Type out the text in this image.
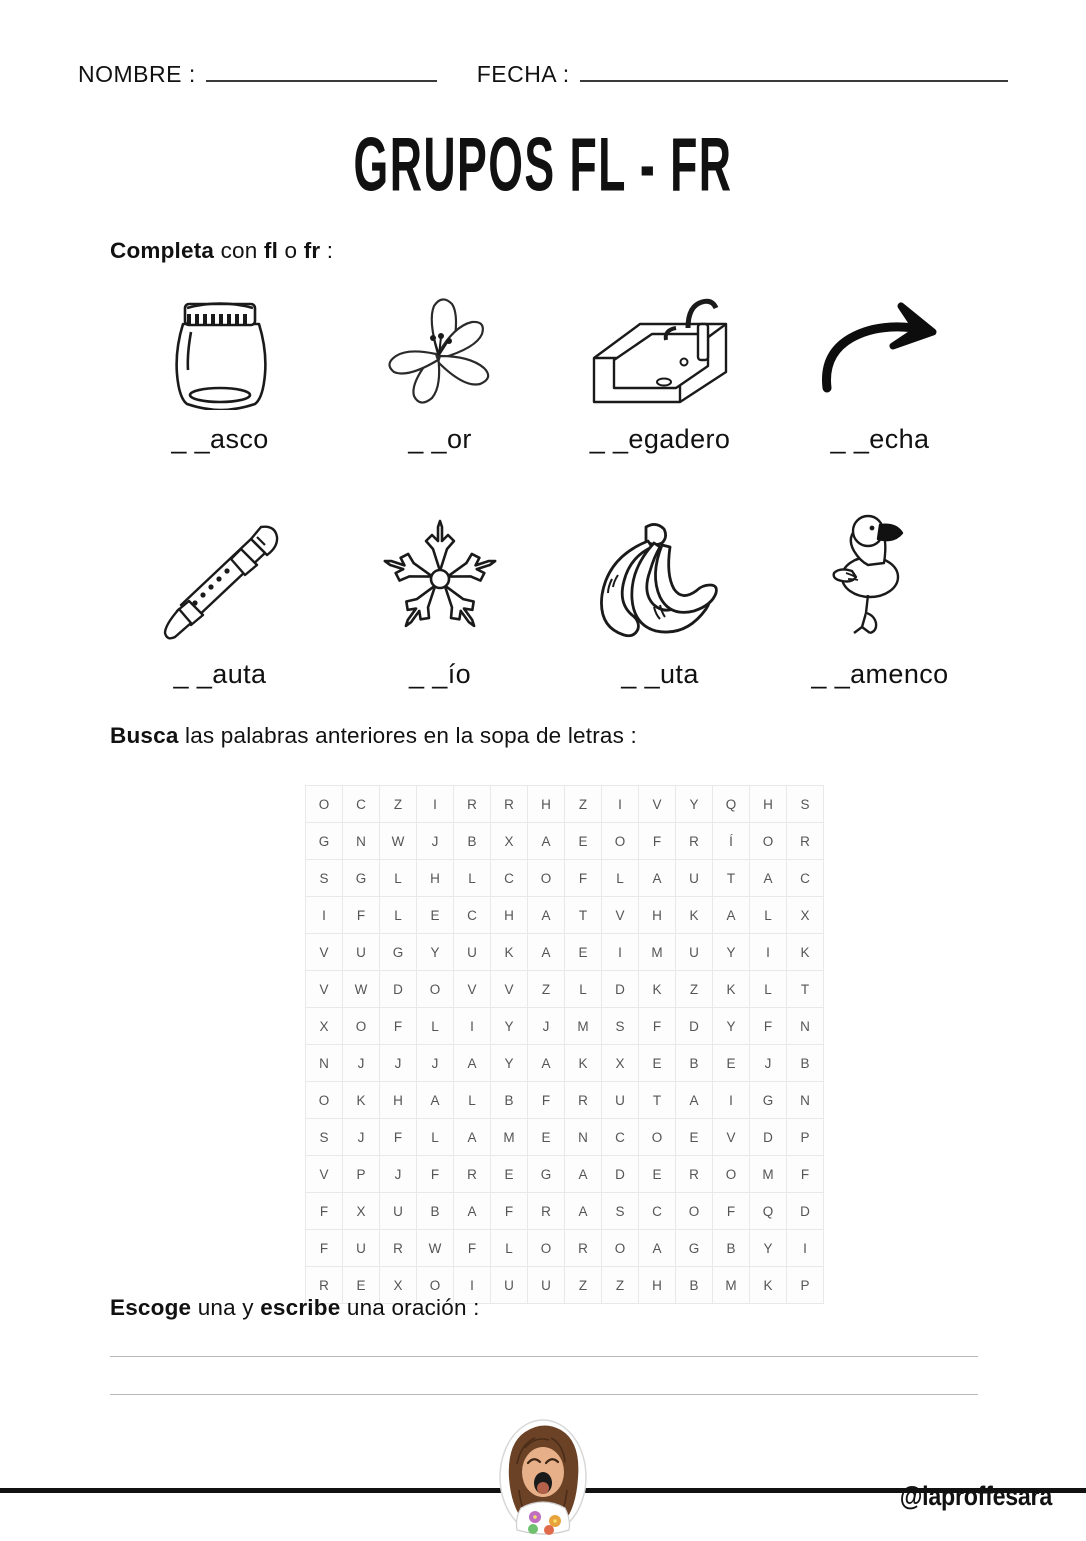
NOMBRE :	FECHA :
GRUPOS FL - FR
Completa con fl o fr :
_ _asco	_ _or	_ _egadero	_ _echa
_ _auta	_ _ío	_ _uta	_ _amenco
Busca las palabras anteriores en la sopa de letras :
O	C	Z	I	R	R	H	Z	I	V	Y	Q	H	S
G	N	W	J	B	X	A	E	O	F	R	Í	O	R
S	G	L	H	L	C	O	F	L	A	U	T	A	C
I	F	L	E	C	H	A	T	V	H	K	A	L	X
V	U	G	Y	U	K	A	E	I	M	U	Y	I	K
V	W	D	O	V	V	Z	L	D	K	Z	K	L	T
X	O	F	L	I	Y	J	M	S	F	D	Y	F	N
N	J	J	J	A	Y	A	K	X	E	B	E	J	B
O	K	H	A	L	B	F	R	U	T	A	I	G	N
S	J	F	L	A	M	E	N	C	O	E	V	D	P
V	P	J	F	R	E	G	A	D	E	R	O	M	F
F	X	U	B	A	F	R	A	S	C	O	F	Q	D
F	U	R	W	F	L	O	R	O	A	G	B	Y	I
R	E	X	O	I	U	U	Z	Z	H	B	M	K	P
Escoge una y escribe una oración :
@laproffesara
